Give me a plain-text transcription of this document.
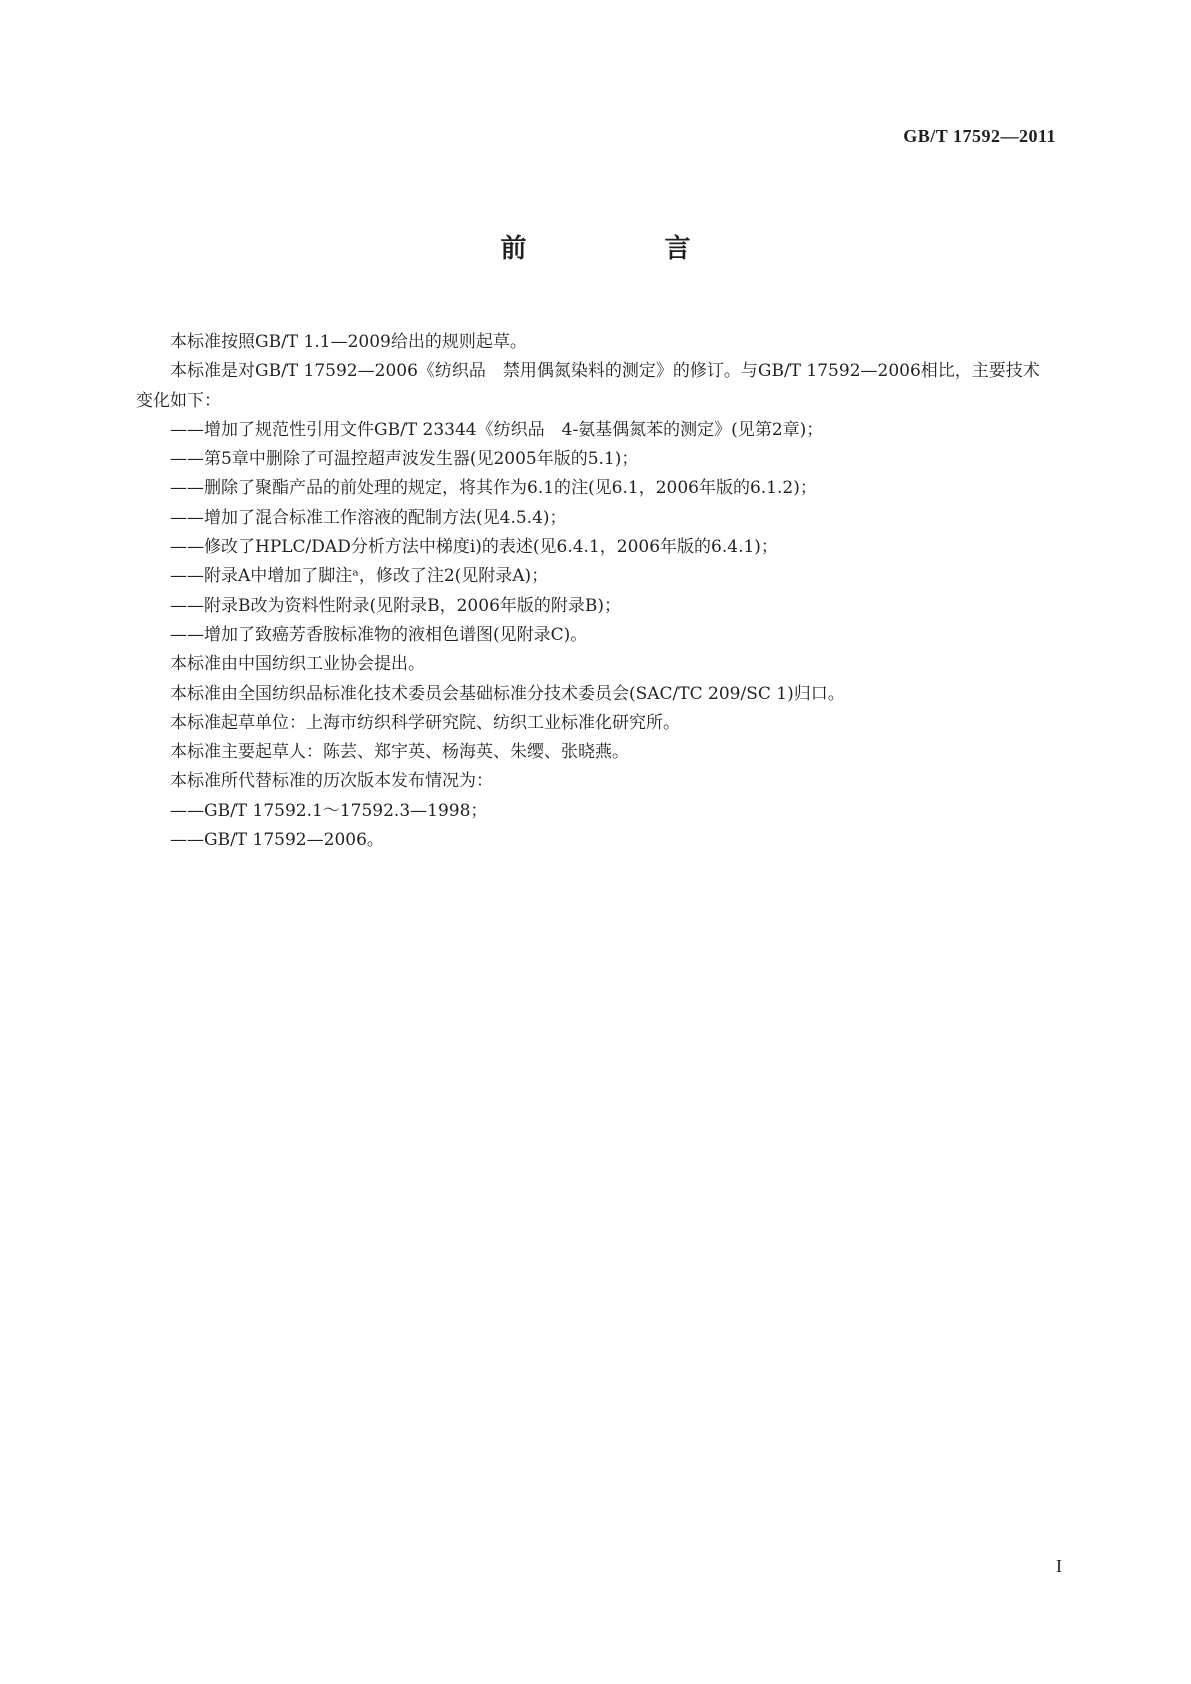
GB/T 17592—2011
前　言

本标准按照GB/T 1.1—2009给出的规则起草。

本标准是对GB/T 17592—2006《纺织品　禁用偶氮染料的测定》的修订。与GB/T 17592—2006相比，主要技术变化如下：

——增加了规范性引用文件GB/T 23344《纺织品　4-氨基偶氮苯的测定》(见第2章)；

——第5章中删除了可温控超声波发生器(见2005年版的5.1)；

——删除了聚酯产品的前处理的规定，将其作为6.1的注(见6.1，2006年版的6.1.2)；

——增加了混合标准工作溶液的配制方法(见4.5.4)；

——修改了HPLC/DAD分析方法中梯度i)的表述(见6.4.1，2006年版的6.4.1)；

——附录A中增加了脚注ᵃ，修改了注2(见附录A)；

——附录B改为资料性附录(见附录B，2006年版的附录B)；

——增加了致癌芳香胺标准物的液相色谱图(见附录C)。

本标准由中国纺织工业协会提出。

本标准由全国纺织品标准化技术委员会基础标准分技术委员会(SAC/TC 209/SC 1)归口。

本标准起草单位：上海市纺织科学研究院、纺织工业标准化研究所。

本标准主要起草人：陈芸、郑宇英、杨海英、朱缨、张晓燕。

本标准所代替标准的历次版本发布情况为：

——GB/T 17592.1～17592.3—1998；

——GB/T 17592—2006。

I
